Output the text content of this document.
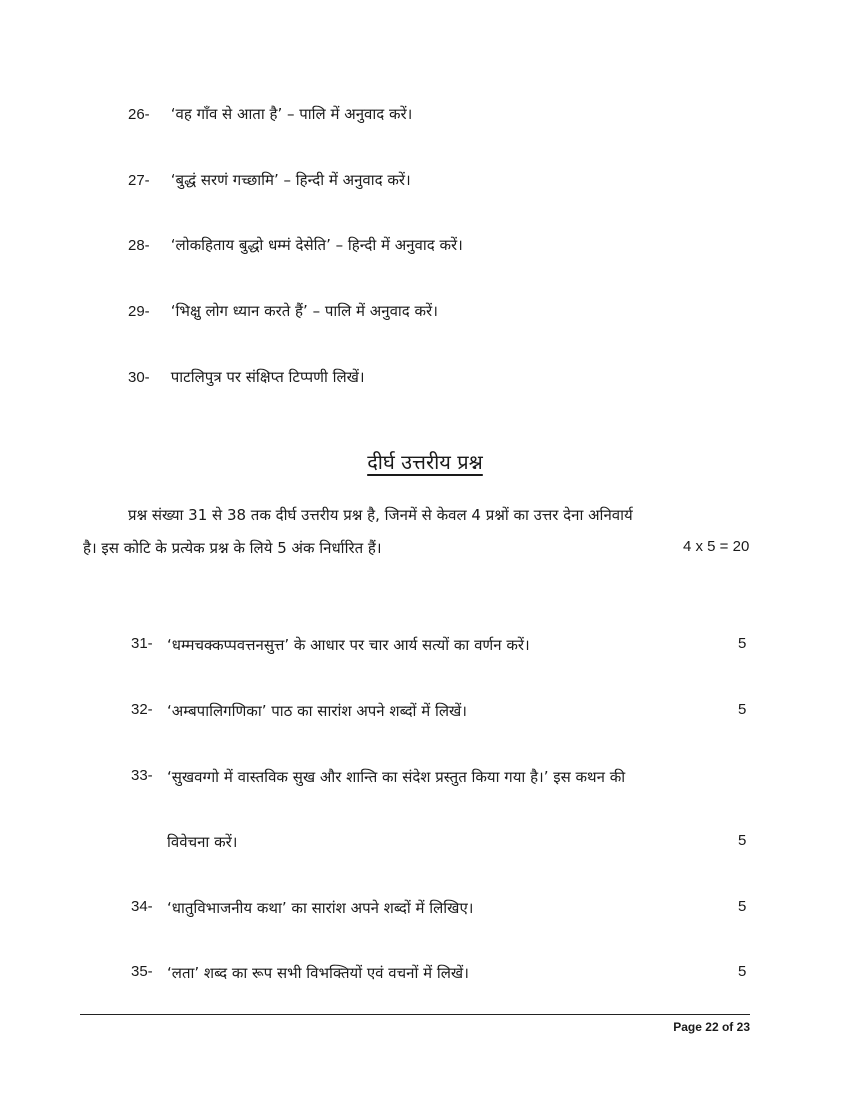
26- ‘वह गाँव से आता है’ – पालि में अनुवाद करें।
27- ‘बुद्धं सरणं गच्छामि’ – हिन्दी में अनुवाद करें।
28- ‘लोकहिताय बुद्धो धम्मं देसेति’ – हिन्दी में अनुवाद करें।
29- ‘भिक्षु लोग ध्यान करते हैं’ – पालि में अनुवाद करें।
30- पाटलिपुत्र पर संक्षिप्त टिप्पणी लिखें।
दीर्घ उत्तरीय प्रश्न
प्रश्न संख्या 31 से 38 तक दीर्घ उत्तरीय प्रश्न है, जिनमें से केवल 4 प्रश्नों का उत्तर देना अनिवार्य
है। इस कोटि के प्रत्येक प्रश्न के लिये 5 अंक निर्धारित हैं।	4 x 5 = 20
31- ‘धम्मचक्कप्पवत्तनसुत्त’ के आधार पर चार आर्य सत्यों का वर्णन करें।	5
32- ‘अम्बपालिगणिका’ पाठ का सारांश अपने शब्दों में लिखें।	5
33- ‘सुखवग्गो में वास्तविक सुख और शान्ति का संदेश प्रस्तुत किया गया है।’ इस कथन की
विवेचना करें।	5
34- ‘धातुविभाजनीय कथा’ का सारांश अपने शब्दों में लिखिए।	5
35- ‘लता’ शब्द का रूप सभी विभक्तियों एवं वचनों में लिखें।	5
Page 22 of 23
